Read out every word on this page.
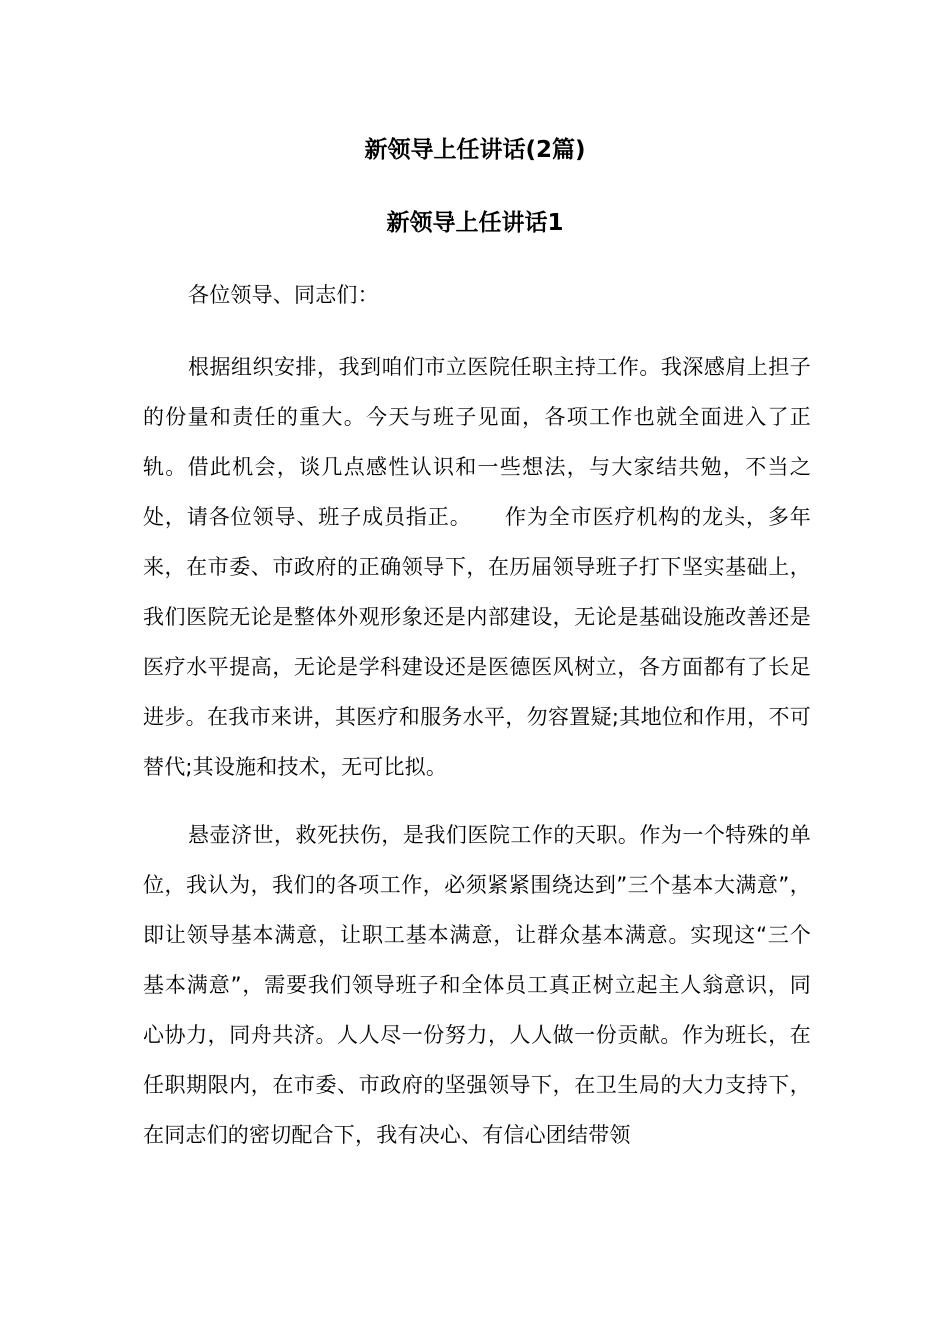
新领导上任讲话(2篇)
新领导上任讲话1
各位领导、同志们：
根据组织安排，我到咱们市立医院任职主持工作。我深感肩上担子的份量和责任的重大。今天与班子见面，各项工作也就全面进入了正轨。借此机会，谈几点感性认识和一些想法，与大家结共勉，不当之处，请各位领导、班子成员指正。　　作为全市医疗机构的龙头，多年来，在市委、市政府的正确领导下，在历届领导班子打下坚实基础上，我们医院无论是整体外观形象还是内部建设，无论是基础设施改善还是医疗水平提高，无论是学科建设还是医德医风树立，各方面都有了长足进步。在我市来讲，其医疗和服务水平，勿容置疑;其地位和作用，不可替代;其设施和技术，无可比拟。
悬壶济世，救死扶伤，是我们医院工作的天职。作为一个特殊的单位，我认为，我们的各项工作，必须紧紧围绕达到”三个基本大满意”，即让领导基本满意，让职工基本满意，让群众基本满意。实现这“三个基本满意”，需要我们领导班子和全体员工真正树立起主人翁意识，同心协力，同舟共济。人人尽一份努力，人人做一份贡献。作为班长，在任职期限内，在市委、市政府的坚强领导下，在卫生局的大力支持下，在同志们的密切配合下，我有决心、有信心团结带领
